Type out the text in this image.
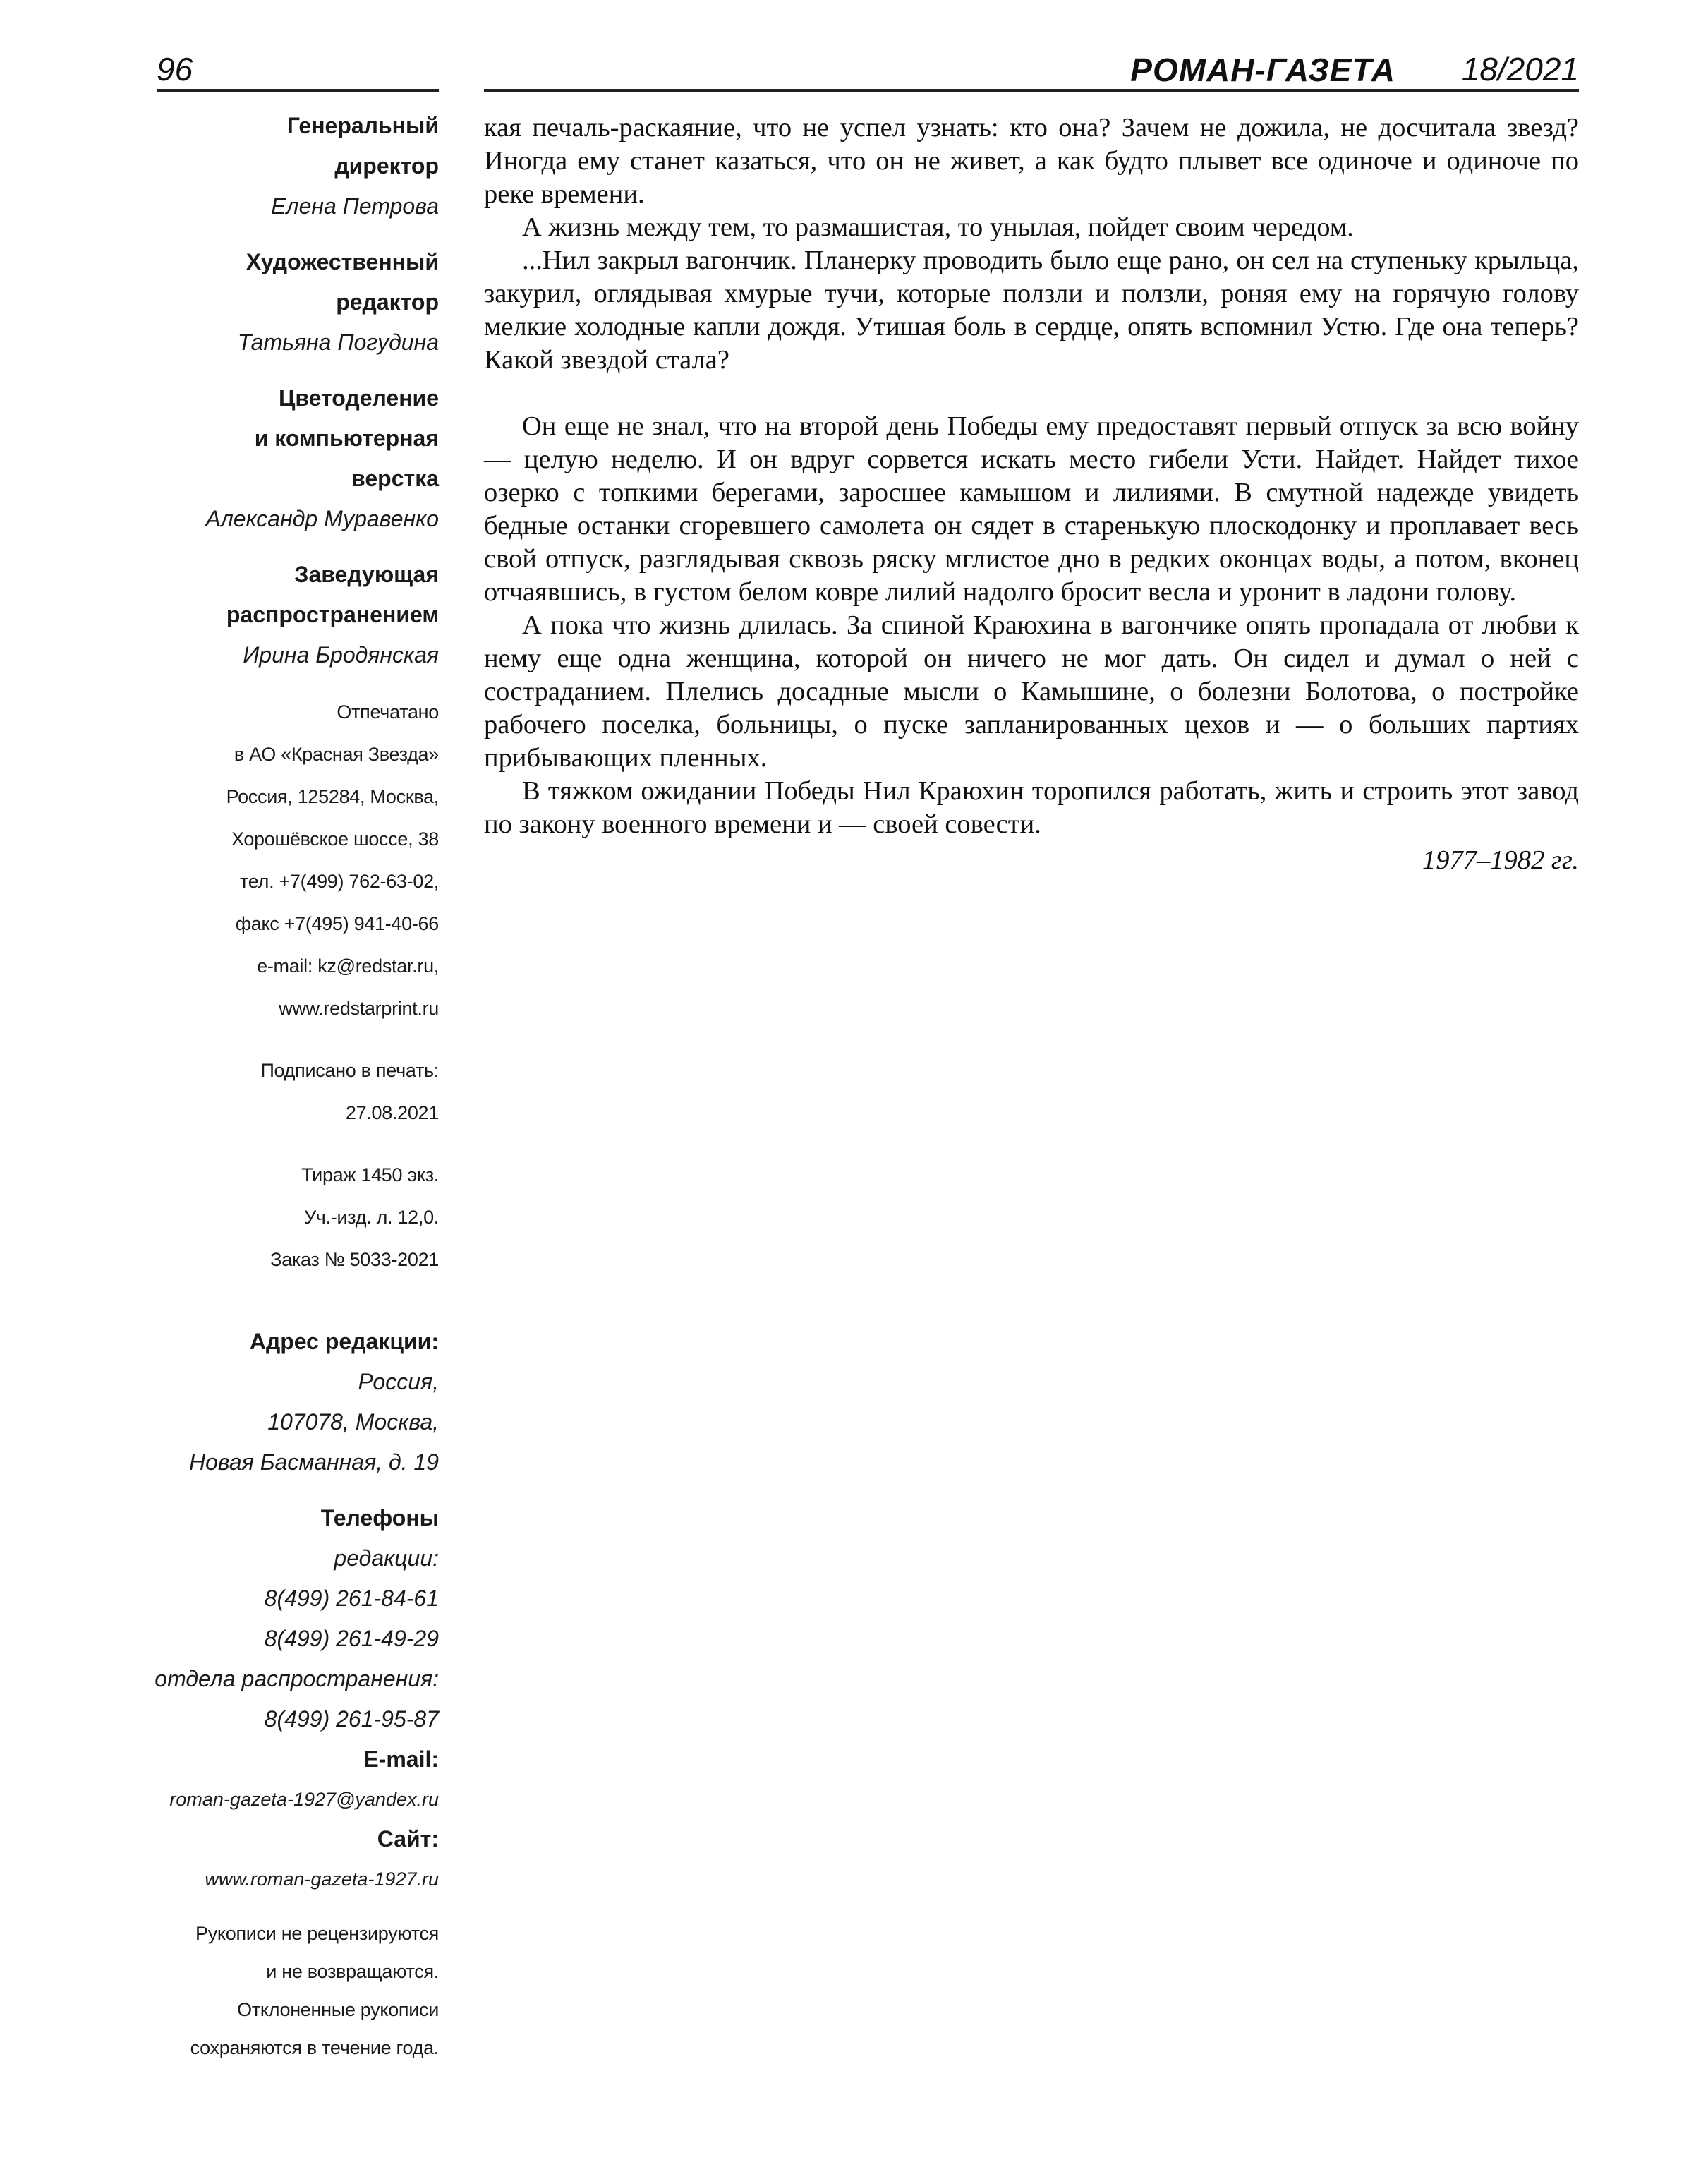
96	РОМАН-ГАЗЕТА 18/2021
Генеральный
директор
Елена Петрова
Художественный
редактор
Татьяна Погудина
Цветоделение
и компьютерная
верстка
Александр Муравенко
Заведующая
распространением
Ирина Бродянская
Отпечатано
в АО «Красная Звезда»
Россия, 125284, Москва,
Хорошёвское шоссе, 38
тел. +7(499) 762-63-02,
факс +7(495) 941-40-66
e-mail: kz@redstar.ru,
www.redstarprint.ru
Подписано в печать:
27.08.2021
Тираж 1450 экз.
Уч.-изд. л. 12,0.
Заказ № 5033-2021
Адрес редакции:
Россия,
107078, Москва,
Новая Басманная, д. 19
Телефоны
редакции:
8(499) 261-84-61
8(499) 261-49-29
отдела распространения:
8(499) 261-95-87
E-mail:
roman-gazeta-1927@yandex.ru
Сайт:
www.roman-gazeta-1927.ru
Рукописи не рецензируются
и не возвращаются.
Отклоненные рукописи
сохраняются в течение года.

кая печаль-раскаяние, что не успел узнать: кто она? Зачем не дожила, не досчитала звезд? Иногда ему станет казаться, что он не живет, а как будто плывет все одиноче и одиноче по реке времени.

А жизнь между тем, то размашистая, то унылая, пойдет своим чередом.

...Нил закрыл вагончик. Планерку проводить было еще рано, он сел на ступеньку крыльца, закурил, оглядывая хмурые тучи, которые ползли и ползли, роняя ему на горячую голову мелкие холодные капли дождя. Утишая боль в сердце, опять вспомнил Устю. Где она теперь? Какой звездой стала?

Он еще не знал, что на второй день Победы ему предоставят первый отпуск за всю войну — целую неделю. И он вдруг сорвется искать место гибели Усти. Найдет. Найдет тихое озерко с топкими берегами, заросшее камышом и лилиями. В смутной надежде увидеть бедные останки сгоревшего самолета он сядет в старенькую плоскодонку и проплавает весь свой отпуск, разглядывая сквозь ряску мглистое дно в редких оконцах воды, а потом, вконец отчаявшись, в густом белом ковре лилий надолго бросит весла и уронит в ладони голову.

А пока что жизнь длилась. За спиной Краюхина в вагончике опять пропадала от любви к нему еще одна женщина, которой он ничего не мог дать. Он сидел и думал о ней с состраданием. Плелись досадные мысли о Камышине, о болезни Болотова, о постройке рабочего поселка, больницы, о пуске запланированных цехов и — о больших партиях прибывающих пленных.

В тяжком ожидании Победы Нил Краюхин торопился работать, жить и строить этот завод по закону военного времени и — своей совести.

1977–1982 гг.
